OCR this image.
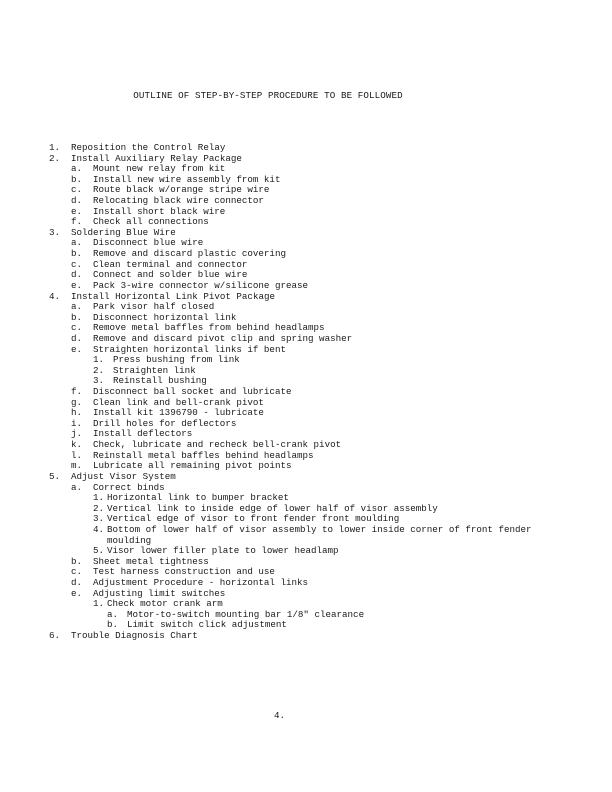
OUTLINE OF STEP-BY-STEP PROCEDURE TO BE FOLLOWED
1. Reposition the Control Relay
2. Install Auxiliary Relay Package
a. Mount new relay from kit
b. Install new wire assembly from kit
c. Route black w/orange stripe wire
d. Relocating black wire connector
e. Install short black wire
f. Check all connections
3. Soldering Blue Wire
a. Disconnect blue wire
b. Remove and discard plastic covering
c. Clean terminal and connector
d. Connect and solder blue wire
e. Pack 3-wire connector w/silicone grease
4. Install Horizontal Link Pivot Package
a. Park visor half closed
b. Disconnect horizontal link
c. Remove metal baffles from behind headlamps
d. Remove and discard pivot clip and spring washer
e. Straighten horizontal links if bent
1. Press bushing from link
2. Straighten link
3. Reinstall bushing
f. Disconnect ball socket and lubricate
g. Clean link and bell-crank pivot
h. Install kit 1396790 - lubricate
i. Drill holes for deflectors
j. Install deflectors
k. Check, lubricate and recheck bell-crank pivot
l. Reinstall metal baffles behind headlamps
m. Lubricate all remaining pivot points
5. Adjust Visor System
a. Correct binds
1. Horizontal link to bumper bracket
2. Vertical link to inside edge of lower half of visor assembly
3. Vertical edge of visor to front fender front moulding
4. Bottom of lower half of visor assembly to lower inside corner of front fender
moulding
5. Visor lower filler plate to lower headlamp
b. Sheet metal tightness
c. Test harness construction and use
d. Adjustment Procedure - horizontal links
e. Adjusting limit switches
1. Check motor crank arm
a. Motor-to-switch mounting bar 1/8" clearance
b. Limit switch click adjustment
6. Trouble Diagnosis Chart
4.
